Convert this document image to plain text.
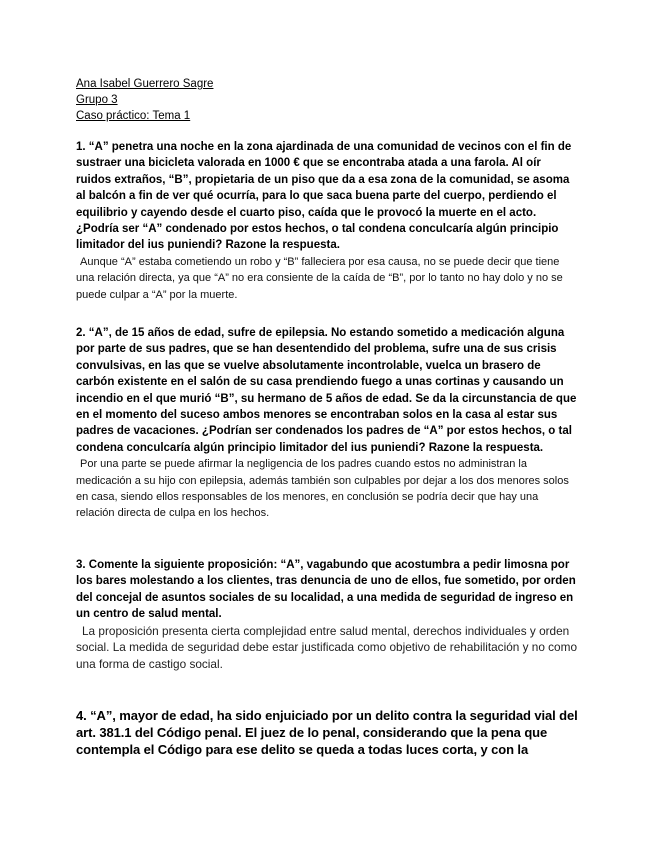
Ana Isabel Guerrero Sagre
Grupo 3
Caso práctico: Tema 1

1. “A” penetra una noche en la zona ajardinada de una comunidad de vecinos con el fin de sustraer una bicicleta valorada en 1000 € que se encontraba atada a una farola. Al oír ruidos extraños, “B”, propietaria de un piso que da a esa zona de la comunidad, se asoma al balcón a fin de ver qué ocurría, para lo que saca buena parte del cuerpo, perdiendo el equilibrio y cayendo desde el cuarto piso, caída que le provocó la muerte en el acto. ¿Podría ser “A” condenado por estos hechos, o tal condena conculcaría algún principio limitador del ius puniendi? Razone la respuesta.

Aunque “A” estaba cometiendo un robo y “B” falleciera por esa causa, no se puede decir que tiene una relación directa, ya que “A” no era consiente de la caída de “B”, por lo tanto no hay dolo y no se puede culpar a “A” por la muerte.

2. “A”, de 15 años de edad, sufre de epilepsia. No estando sometido a medicación alguna por parte de sus padres, que se han desentendido del problema, sufre una de sus crisis convulsivas, en las que se vuelve absolutamente incontrolable, vuelca un brasero de carbón existente en el salón de su casa prendiendo fuego a unas cortinas y causando un incendio en el que murió “B”, su hermano de 5 años de edad. Se da la circunstancia de que en el momento del suceso ambos menores se encontraban solos en la casa al estar sus padres de vacaciones. ¿Podrían ser condenados los padres de “A” por estos hechos, o tal condena conculcaría algún principio limitador del ius puniendi? Razone la respuesta.

Por una parte se puede afirmar la negligencia de los padres cuando estos no administran la medicación a su hijo con epilepsia, además también son culpables por dejar a los dos menores solos en casa, siendo ellos responsables de los menores, en conclusión se podría decir que hay una relación directa de culpa en los hechos.

3. Comente la siguiente proposición: “A”, vagabundo que acostumbra a pedir limosna por los bares molestando a los clientes, tras denuncia de uno de ellos, fue sometido, por orden del concejal de asuntos sociales de su localidad, a una medida de seguridad de ingreso en un centro de salud mental.

La proposición presenta cierta complejidad entre salud mental, derechos individuales y orden social. La medida de seguridad debe estar justificada como objetivo de rehabilitación y no como una forma de castigo social.

4. “A”, mayor de edad, ha sido enjuiciado por un delito contra la seguridad vial del art. 381.1 del Código penal. El juez de lo penal, considerando que la pena que contempla el Código para ese delito se queda a todas luces corta, y con la
